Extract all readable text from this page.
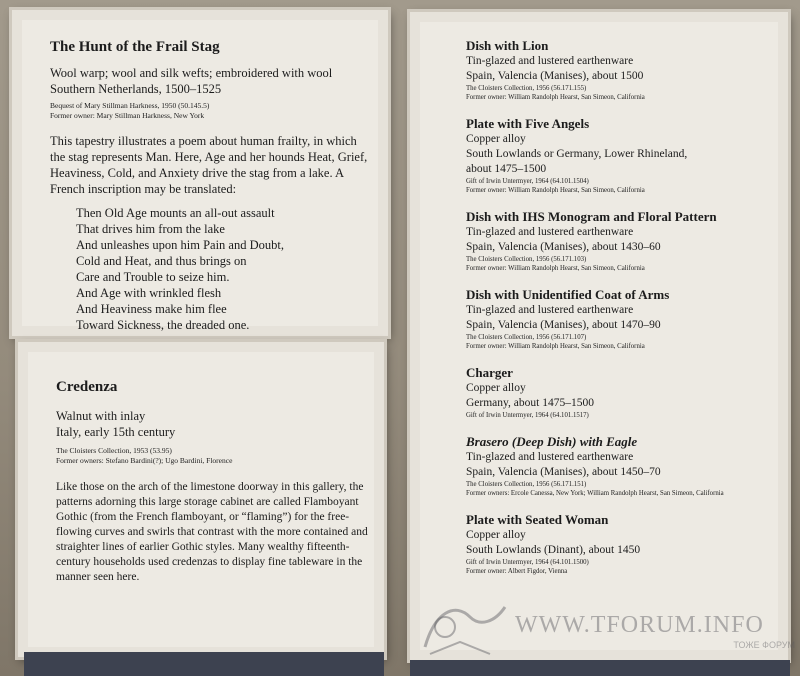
The Hunt of the Frail Stag

Wool warp; wool and silk wefts; embroidered with wool

Southern Netherlands, 1500–1525

Bequest of Mary Stillman Harkness, 1950 (50.145.5)

Former owner: Mary Stillman Harkness, New York

This tapestry illustrates a poem about human frailty, in which the stag represents Man. Here, Age and her hounds Heat, Grief, Heaviness, Cold, and Anxiety drive the stag from a lake. A French inscription may be translated:

Then Old Age mounts an all-out assault

That drives him from the lake

And unleashes upon him Pain and Doubt,

Cold and Heat, and thus brings on

Care and Trouble to seize him.

And Age with wrinkled flesh

And Heaviness make him flee

Toward Sickness, the dreaded one.

Credenza

Walnut with inlay

Italy, early 15th century

The Cloisters Collection, 1953 (53.95)

Former owners: Stefano Bardini(?); Ugo Bardini, Florence

Like those on the arch of the limestone doorway in this gallery, the patterns adorning this large storage cabinet are called Flamboyant Gothic (from the French flamboyant, or “flaming”) for the free-flowing curves and swirls that contrast with the more contained and straighter lines of earlier Gothic styles. Many wealthy fifteenth-century households used credenzas to display fine tableware in the manner seen here.

Dish with Lion

Tin-glazed and lustered earthenware

Spain, Valencia (Manises), about 1500

The Cloisters Collection, 1956 (56.171.155)

Former owner: William Randolph Hearst, San Simeon, California

Plate with Five Angels

Copper alloy

South Lowlands or Germany, Lower Rhineland,

about 1475–1500

Gift of Irwin Untermyer, 1964 (64.101.1504)

Former owner: William Randolph Hearst, San Simeon, California

Dish with IHS Monogram and Floral Pattern

Tin-glazed and lustered earthenware

Spain, Valencia (Manises), about 1430–60

The Cloisters Collection, 1956 (56.171.103)

Former owner: William Randolph Hearst, San Simeon, California

Dish with Unidentified Coat of Arms

Tin-glazed and lustered earthenware

Spain, Valencia (Manises), about 1470–90

The Cloisters Collection, 1956 (56.171.107)

Former owner: William Randolph Hearst, San Simeon, California

Charger

Copper alloy

Germany, about 1475–1500

Gift of Irwin Untermyer, 1964 (64.101.1517)

Brasero (Deep Dish) with Eagle

Tin-glazed and lustered earthenware

Spain, Valencia (Manises), about 1450–70

The Cloisters Collection, 1956 (56.171.151)

Former owners: Ercole Canessa, New York; William Randolph Hearst, San Simeon, California

Plate with Seated Woman

Copper alloy

South Lowlands (Dinant), about 1450

Gift of Irwin Untermyer, 1964 (64.101.1500)

Former owner: Albert Figdor, Vienna

WWW.TFORUM.INFO
ТОЖЕ ФОРУМ
